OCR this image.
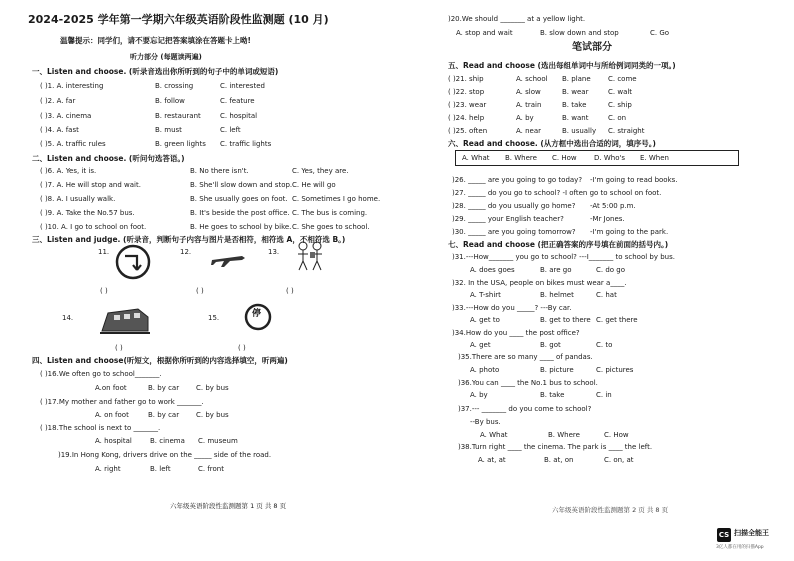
2024-2025 学年第一学期六年级英语阶段性监测题 (10 月)
温馨提示：同学们，请不要忘记把答案填涂在答题卡上呦!
听力部分 (每题读两遍)
一、Listen and choose. (听录音选出你所听到的句子中的单词或短语)
( )1. A. interesting	B. crossing	C. interested
( )2. A. far	B. follow	C. feature
( )3. A. cinema	B. restaurant	C. hospital
( )4. A. fast	B. must	C. left
( )5. A. traffic rules	B. green lights C. traffic lights
二、Listen and choose. (听问句选答语。)
( )6. A. Yes, it is.	B. No there isn't.	C. Yes, they are.
( )7. A. He will stop and wait.	B. She'll slow down and stop. C. He will go
( )8. A. I usually walk.	B. She usually goes on foot. C. Sometimes I go home.
( )9. A. Take the No.57 bus.	B. It's beside the post office. C. The bus is coming.
( )10. A. I go to school on foot.	B. He goes to school by bike. C. She goes to school.
三、Listen and judge. (听录音，判断句子内容与图片是否相符，相符选 A，不相符选 B。)
11.	12.	13.
( )	( )	( )
14.	15.	停
( )	( )
四、Listen and choose(听短文，根据你所听到的内容选择填空，听两遍)
( )16.We often go to school_______.
A.on foot	B. by car C. by bus
( )17.My mother and father go to work _______.
A. on foot	B. by car C. by bus
( )18.The school is next to _______.
A. hospital	B. cinema C. museum
)19.In Hong Kong, drivers drive on the _____ side of the road.
A. right	B. left	C. front
六年级英语阶段性监测题第 1 页 共 8 页
)20.We should _______ at a yellow light.
A. stop and wait	B. slow down and stop	C. Go
笔试部分
五、Read and choose (选出每组单词中与所给例词同类的一项。)
( )21. ship	A. school B. plane C. come
( )22. stop	A. slow	B. wear	C. walt
( )23. wear	A. train	B. take	C. ship
( )24. help	A. by	B. want	C. on
( )25. often	A. near	B. usually C. straight
六、Read and choose. (从方框中选出合适的词，填序号。)
A. What B. Where C. How D. Who's E. When
)26. _____ are you going to go today? -I'm going to read books.
)27. _____ do you go to school? -I often go to school on foot.
)28. _____ do you usually go home? -At 5:00 p.m.
)29. _____ your English teacher?	-Mr Jones.
)30. _____ are you going tomorrow? -I'm going to the park.
七、Read and choose (把正确答案的序号填在前面的括号内。)
)31.---How_______ you go to school? ---I_______ to school by bus.
A. does goes	B. are go	C. do go
)32. In the USA, people on bikes must wear a____.
A. T-shirt	B. helmet	C. hat
)33.---How do you _____? ---By car.
A. get to	B. get to there C. get there
)34.How do you ____ the post office?
A. get	B. got	C. to
)35.There are so many ____ of pandas.
A. photo	B. picture	C. pictures
)36.You can ____ the No.1 bus to school.
A. by	B. take	C. in
)37.--- _______ do you come to school?
--By bus.
A. What	B. Where	C. How
)38.Turn right ____ the cinema. The park is ____ the left.
A. at, at	B. at, on	C. on, at
六年级英语阶段性监测题第 2 页 共 8 页
CS 扫描全能王
3亿人都在用的扫描App
